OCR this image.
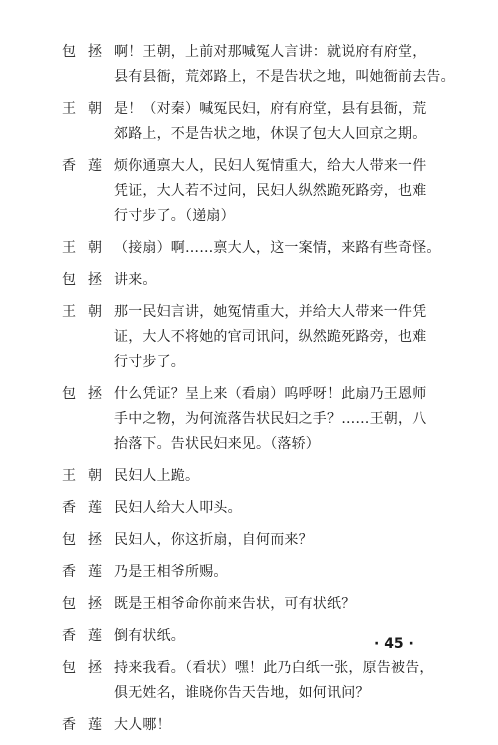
包拯 啊！王朝，上前对那喊冤人言讲：就说府有府堂，
县有县衙，荒郊路上，不是告状之地，叫她衙前去告。
王朝 是！（对秦）喊冤民妇，府有府堂，县有县衙，荒
郊路上，不是告状之地，休误了包大人回京之期。
香莲 烦你通禀大人，民妇人冤情重大，给大人带来一件
凭证，大人若不过问，民妇人纵然跪死路旁，也难
行寸步了。（递扇）
王朝 （接扇）啊……禀大人，这一案情，来路有些奇怪。
包拯 讲来。
王朝 那一民妇言讲，她冤情重大，并给大人带来一件凭
证，大人不将她的官司讯问，纵然跪死路旁，也难
行寸步了。
包拯 什么凭证？呈上来（看扇）呜呼呀！此扇乃王恩师
手中之物，为何流落告状民妇之手？……王朝，八
抬落下。告状民妇来见。（落轿）
王朝 民妇人上跪。
香莲 民妇人给大人叩头。
包拯 民妇人，你这折扇，自何而来？
香莲 乃是王相爷所赐。
包拯 既是王相爷命你前来告状，可有状纸？
香莲 倒有状纸。
包拯 持来我看。（看状）嘿！此乃白纸一张，原告被告，
俱无姓名，谁晓你告天告地，如何讯问？
香莲 大人哪！
· 45 ·
